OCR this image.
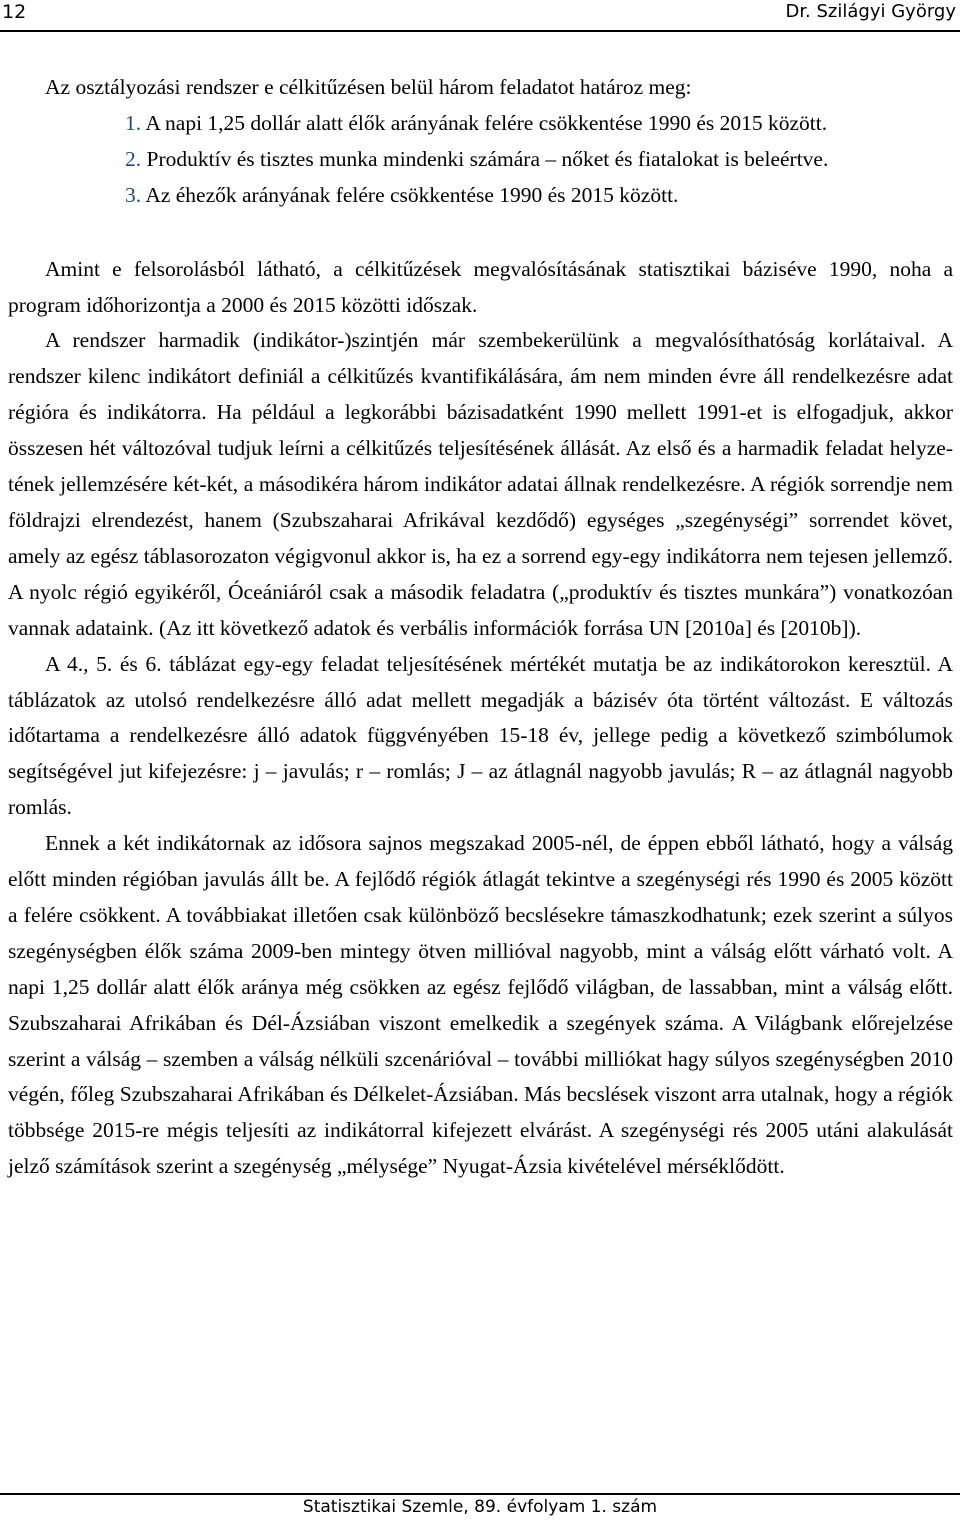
12	Dr. Szilágyi György

Az osztályozási rendszer e célkitűzésen belül három feladatot határoz meg:

1. A napi 1,25 dollár alatt élők arányának felére csökkentése 1990 és 2015 között.
2. Produktív és tisztes munka mindenki számára – nőket és fiatalokat is beleértve.
3. Az éhezők arányának felére csökkentése 1990 és 2015 között.

Amint e felsorolásból látható, a célkitűzések megvalósításának statisztikai báziséve 1990, noha a program időhorizontja a 2000 és 2015 közötti időszak.

A rendszer harmadik (indikátor-)szintjén már szembekerülünk a megvalósíthatóság korlátaival. A rendszer kilenc indikátort definiál a célkitűzés kvantifikálására, ám nem minden évre áll rendelkezésre adat régióra és indikátorra. Ha például a legkorábbi bázisadatként 1990 mellett 1991-et is elfogadjuk, akkor összesen hét változóval tudjuk leírni a célkitűzés teljesítésének állását. Az első és a harmadik feladat helyzetének jellemzésére két-két, a másodikéra három indikátor adatai állnak rendelkezésre. A régiók sorrendje nem földrajzi elrendezést, hanem (Szubszaharai Afrikával kezdődő) egységes „szegénységi” sorrendet követ, amely az egész táblasorozaton végigvonul akkor is, ha ez a sorrend egy-egy indikátorra nem tejesen jellemző. A nyolc régió egyikéről, Óceániáról csak a második feladatra („produktív és tisztes munkára”) vonatkozóan vannak adataink. (Az itt következő adatok és verbális információk forrása UN [2010a] és [2010b]).

A 4., 5. és 6. táblázat egy-egy feladat teljesítésének mértékét mutatja be az indikátorokon keresztül. A táblázatok az utolsó rendelkezésre álló adat mellett megadják a bázisév óta történt változást. E változás időtartama a rendelkezésre álló adatok függvényében 15-18 év, jellege pedig a következő szimbólumok segítségével jut kifejezésre: j – javulás; r – romlás; J – az átlagnál nagyobb javulás; R – az átlagnál nagyobb romlás.

Ennek a két indikátornak az idősora sajnos megszakad 2005-nél, de éppen ebből látható, hogy a válság előtt minden régióban javulás állt be. A fejlődő régiók átlagát tekintve a szegénységi rés 1990 és 2005 között a felére csökkent. A továbbiakat illetően csak különböző becslésekre támaszkodhatunk; ezek szerint a súlyos szegénységben élők száma 2009-ben mintegy ötven millióval nagyobb, mint a válság előtt várható volt. A napi 1,25 dollár alatt élők aránya még csökken az egész fejlődő világban, de lassabban, mint a válság előtt. Szubszaharai Afrikában és Dél-Ázsiában viszont emelkedik a szegények száma. A Világbank előrejelzése szerint a válság – szemben a válság nélküli szcenárióval – további milliókat hagy súlyos szegénységben 2010 végén, főleg Szubszaharai Afrikában és Délkelet-Ázsiában. Más becslések viszont arra utalnak, hogy a régiók többsége 2015-re mégis teljesíti az indikátorral kifejezett elvárást. A szegénységi rés 2005 utáni alakulását jelző számítások szerint a szegénység „mélysége” Nyugat-Ázsia kivételével mérséklődött.

Statisztikai Szemle, 89. évfolyam 1. szám
